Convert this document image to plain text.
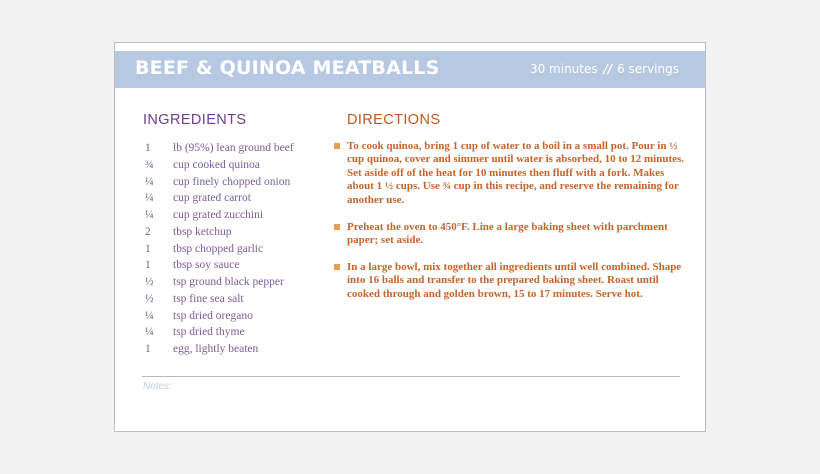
BEEF & QUINOA MEATBALLS	30 minutes // 6 servings
INGREDIENTS	DIRECTIONS
1 lb (95%) lean ground beef
¾ cup cooked quinoa
¼ cup finely chopped onion
¼ cup grated carrot
¼ cup grated zucchini
2 tbsp ketchup
1 tbsp chopped garlic
1 tbsp soy sauce
½ tsp ground black pepper
½ tsp fine sea salt
¼ tsp dried oregano
¼ tsp dried thyme
1 egg, lightly beaten
To cook quinoa, bring 1 cup of water to a boil in a small pot. Pour in ½ cup quinoa, cover and simmer until water is absorbed, 10 to 12 minutes. Set aside off of the heat for 10 minutes then fluff with a fork. Makes about 1 ½ cups. Use ¾ cup in this recipe, and reserve the remaining for another use.
Preheat the oven to 450°F. Line a large baking sheet with parchment paper; set aside.
In a large bowl, mix together all ingredients until well combined. Shape into 16 balls and transfer to the prepared baking sheet. Roast until cooked through and golden brown, 15 to 17 minutes. Serve hot.
Notes:
